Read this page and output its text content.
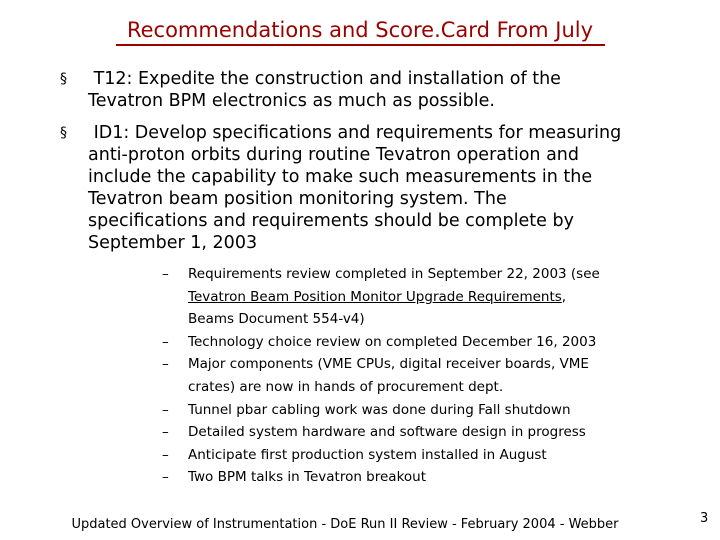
Recommendations and Score.Card From July
§ T12: Expedite the construction and installation of the
Tevatron BPM electronics as much as possible.
§ ID1: Develop specifications and requirements for measuring
anti-proton orbits during routine Tevatron operation and
include the capability to make such measurements in the
Tevatron beam position monitoring system. The
specifications and requirements should be complete by
September 1, 2003
–	Requirements review completed in September 22, 2003 (see
Tevatron Beam Position Monitor Upgrade Requirements,
Beams Document 554-v4)
–	Technology choice review on completed December 16, 2003
–	Major components (VME CPUs, digital receiver boards, VME
crates) are now in hands of procurement dept.
–	Tunnel pbar cabling work was done during Fall shutdown
–	Detailed system hardware and software design in progress
–	Anticipate first production system installed in August
–	Two BPM talks in Tevatron breakout
Updated Overview of Instrumentation - DoE Run II Review - February 2004 - Webber	3
